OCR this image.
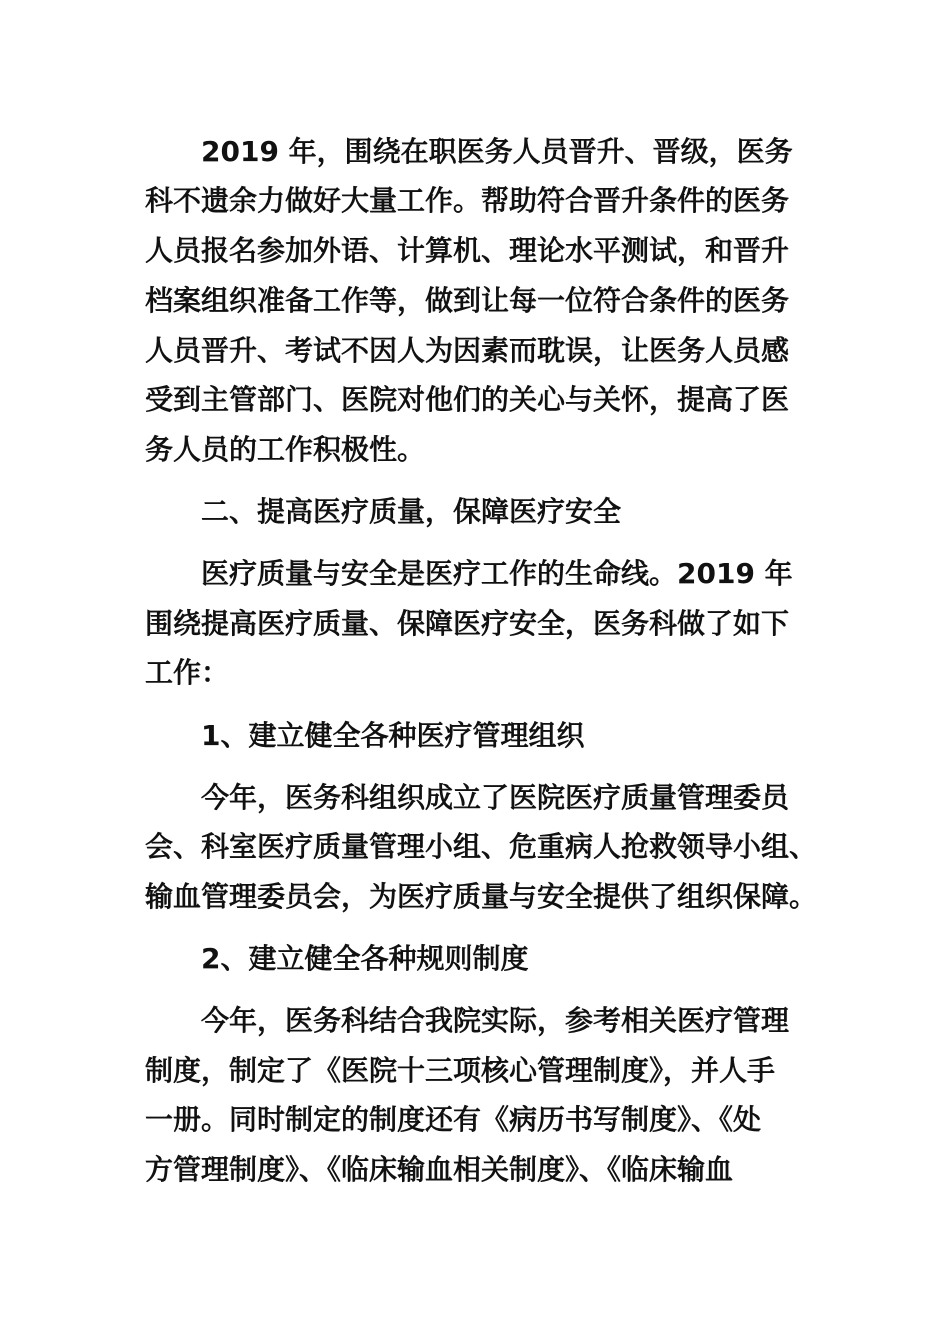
2019 年，围绕在职医务人员晋升、晋级，医务

科不遗余力做好大量工作。帮助符合晋升条件的医务

人员报名参加外语、计算机、理论水平测试，和晋升

档案组织准备工作等，做到让每一位符合条件的医务

人员晋升、考试不因人为因素而耽误，让医务人员感

受到主管部门、医院对他们的关心与关怀，提高了医

务人员的工作积极性。

二、提高医疗质量，保障医疗安全

医疗质量与安全是医疗工作的生命线。2019 年

围绕提高医疗质量、保障医疗安全，医务科做了如下

工作：

1、建立健全各种医疗管理组织

今年，医务科组织成立了医院医疗质量管理委员

会、科室医疗质量管理小组、危重病人抢救领导小组、

输血管理委员会，为医疗质量与安全提供了组织保障。

2、建立健全各种规则制度

今年，医务科结合我院实际，参考相关医疗管理

制度，制定了《医院十三项核心管理制度》，并人手

一册。同时制定的制度还有《病历书写制度》、《处

方管理制度》、《临床输血相关制度》、《临床输血
